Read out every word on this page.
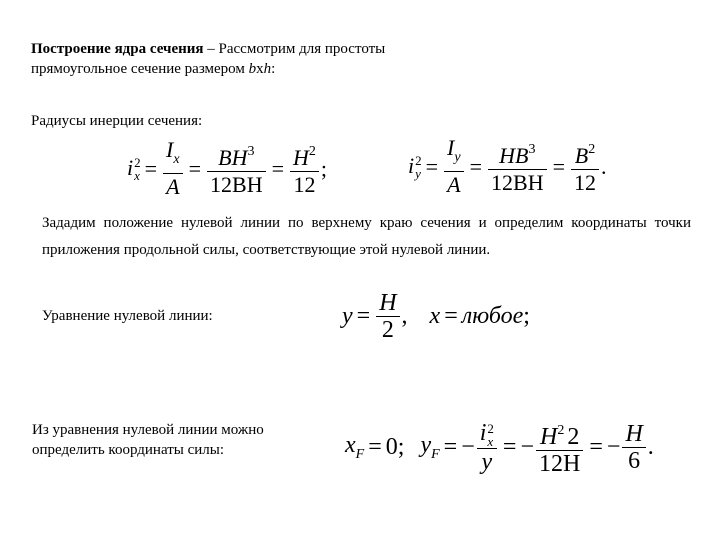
Построение ядра сечения – Рассмотрим для простоты
прямоугольное сечение размером bxh:
Радиусы инерции сечения:
i 2
$x = \frac{I_x}{A} = \frac{BH^3}{12BH} = \frac{H^2}{12}$ ;	i 2
$y = \frac{I_y}{A} = \frac{HB^3}{12BH} = \frac{B^2}{12}$ .
Зададим положение нулевой линии по верхнему краю сечения и определим координаты точки приложения продольной силы, соответствующие этой нулевой линии.
Уравнение нулевой линии:	$y = \frac{H}{2}$ , x = любое ;
Из уравнения нулевой линии можно
определить координаты силы:	$x_F = 0$; $y_F$ = − i 2
x
y = − $\frac{H^2 2}{12H}$ = − $\frac{H}{6}$ .
